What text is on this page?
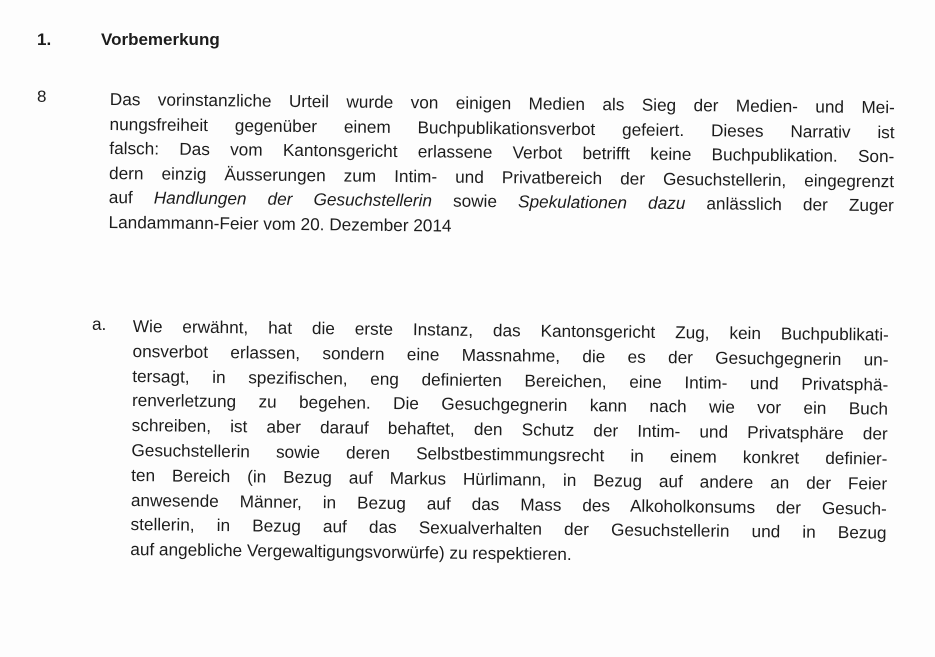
1.	Vorbemerkung
8	Das vorinstanzliche Urteil wurde von einigen Medien als Sieg der Medien- und Mei-
nungsfreiheit gegenüber einem Buchpublikationsverbot gefeiert. Dieses Narrativ ist
falsch: Das vom Kantonsgericht erlassene Verbot betrifft keine Buchpublikation. Son-
dern einzig Äusserungen zum Intim- und Privatbereich der Gesuchstellerin, eingegrenzt
auf Handlungen der Gesuchstellerin sowie Spekulationen dazu anlässlich der Zuger
Landammann-Feier vom 20. Dezember 2014
a. Wie erwähnt, hat die erste Instanz, das Kantonsgericht Zug, kein Buchpublikati-
onsverbot erlassen, sondern eine Massnahme, die es der Gesuchgegnerin un-
tersagt, in spezifischen, eng definierten Bereichen, eine Intim- und Privatsphä-
renverletzung zu begehen. Die Gesuchgegnerin kann nach wie vor ein Buch
schreiben, ist aber darauf behaftet, den Schutz der Intim- und Privatsphäre der
Gesuchstellerin sowie deren Selbstbestimmungsrecht in einem konkret definier-
ten Bereich (in Bezug auf Markus Hürlimann, in Bezug auf andere an der Feier
anwesende Männer, in Bezug auf das Mass des Alkoholkonsums der Gesuch-
stellerin, in Bezug auf das Sexualverhalten der Gesuchstellerin und in Bezug
auf angebliche Vergewaltigungsvorwürfe) zu respektieren.
